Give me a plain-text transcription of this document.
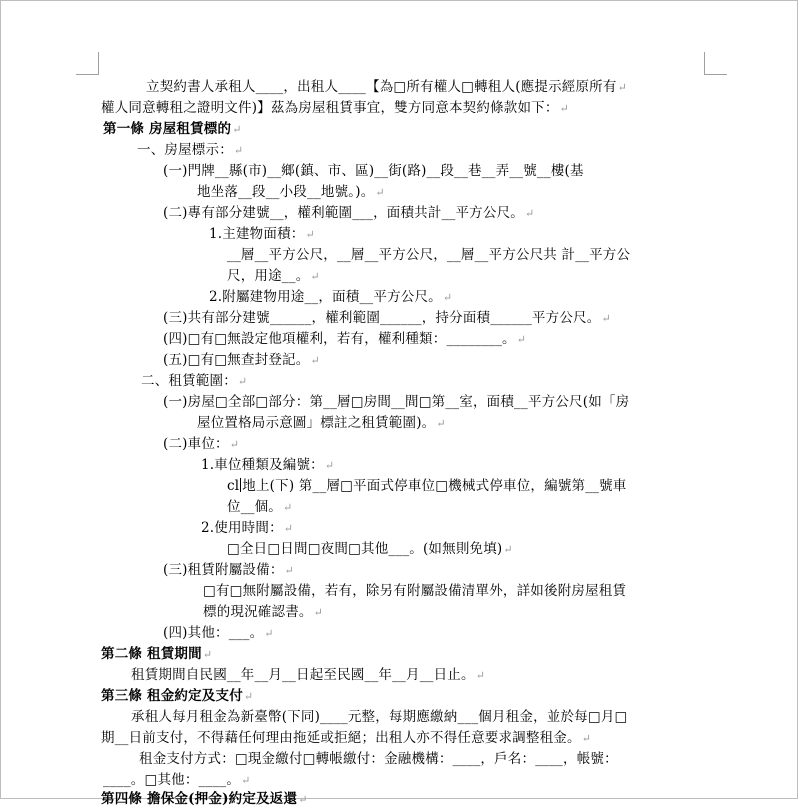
立契約書人承租人____，出租人____【為□所有權人□轉租人(應提示經原所有↵
權人同意轉租之證明文件)】茲為房屋租賃事宜，雙方同意本契約條款如下：↵
第一條 房屋租賃標的↵
一、房屋標示：↵
(一)門牌__縣(市)__鄉(鎮、市、區)__街(路)__段__巷__弄__號__樓(基
地坐落__段__小段__地號。)。↵
(二)專有部分建號__，權利範圍___，面積共計__平方公尺。↵
1.主建物面積：↵
__層__平方公尺，__層__平方公尺，__層__平方公尺共 計__平方公
尺，用途__。↵
2.附屬建物用途__，面積__平方公尺。↵
(三)共有部分建號______，權利範圍______，持分面積______平方公尺。↵
(四)□有□無設定他項權利，若有，權利種類：________。↵
(五)□有□無查封登記。↵
二、租賃範圍：↵
(一)房屋□全部□部分：第__層□房間__間□第__室，面積__平方公尺(如「房
屋位置格局示意圖」標註之租賃範圍)。↵
(二)車位：↵
1.車位種類及編號：↵
cl 地上(下) 第__層□平面式停車位□機械式停車位，編號第__號車
位__個。↵
2.使用時間：↵
□全日□日間□夜間□其他___。(如無則免填)↵
(三)租賃附屬設備：↵
□有□無附屬設備，若有，除另有附屬設備清單外，詳如後附房屋租賃
標的現況確認書。↵
(四)其他：___。↵
第二條 租賃期間↵
租賃期間自民國__年__月__日起至民國__年__月__日止。↵
第三條 租金約定及支付↵
承租人每月租金為新臺幣(下同)____元整，每期應繳納___個月租金，並於每□月□
期__日前支付，不得藉任何理由拖延或拒絕；出租人亦不得任意要求調整租金。↵
租金支付方式：□現金繳付□轉帳繳付：金融機構：____，戶名：____，帳號：
____。□其他：____。↵
第四條 擔保金(押金)約定及返還↵
